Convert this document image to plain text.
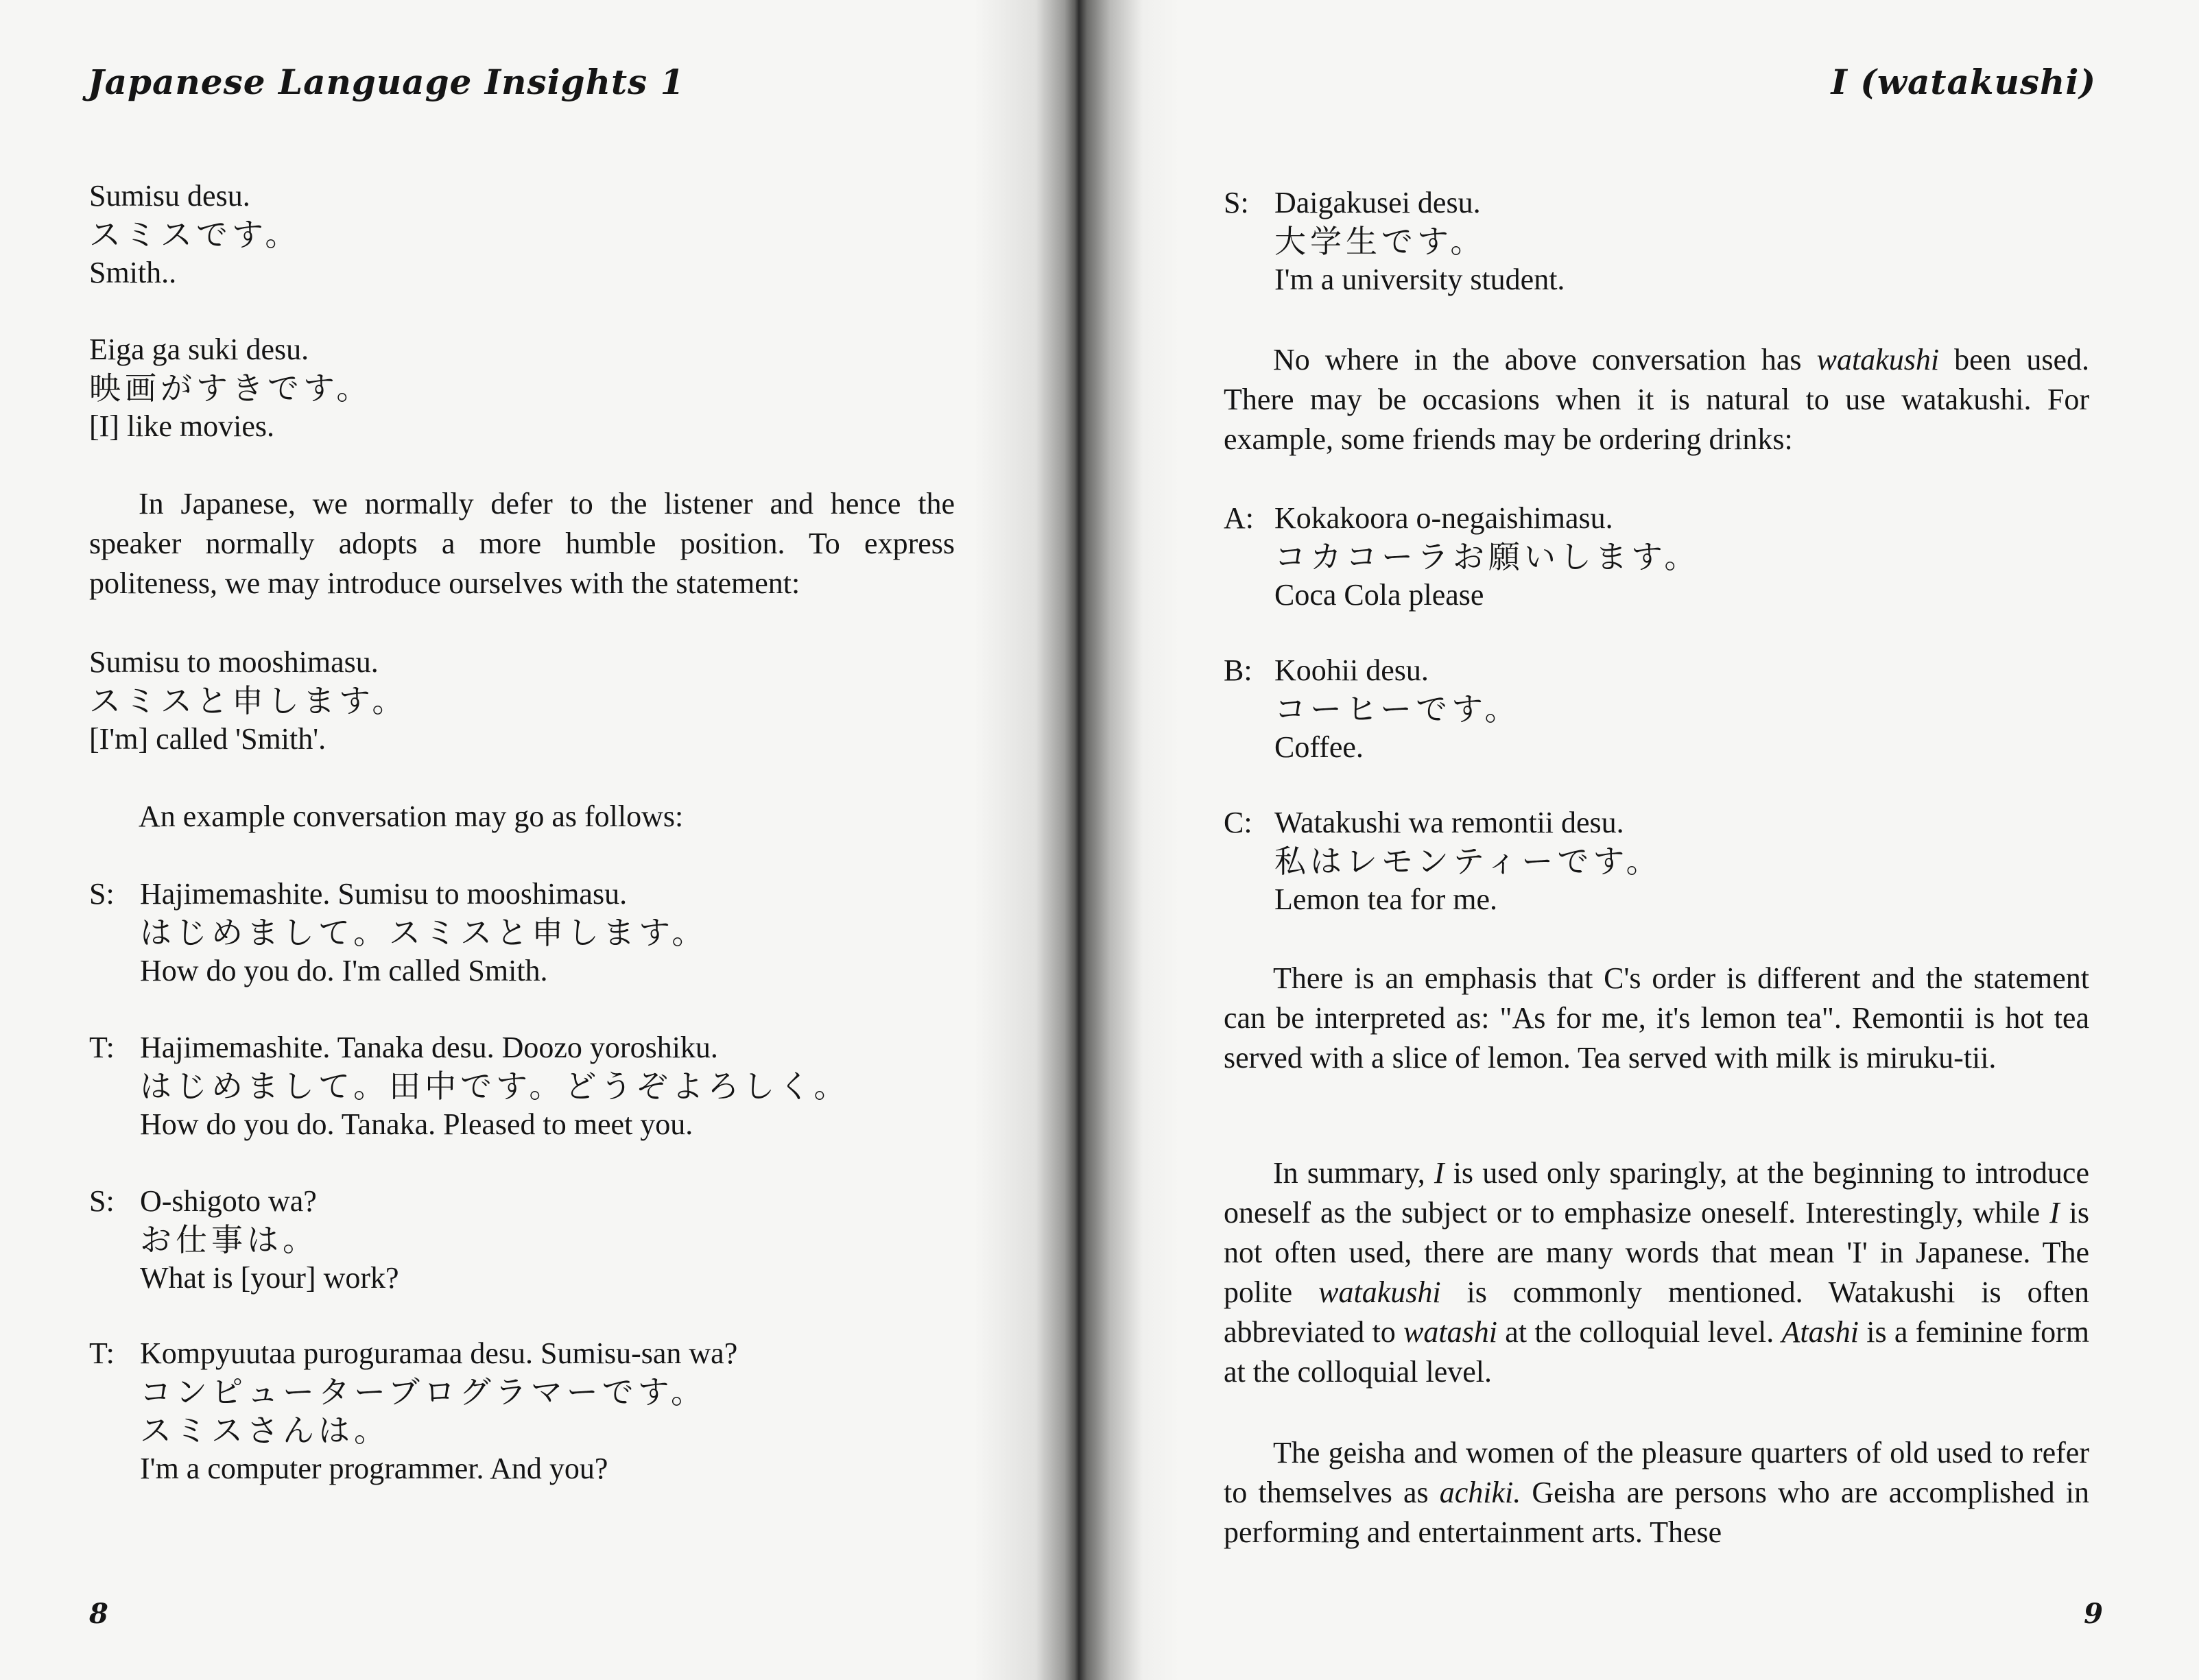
Japanese Language Insights 1
Sumisu desu.
スミスです。
Smith..
Eiga ga suki desu.
映画がすきです。
[I] like movies.
In Japanese, we normally defer to the listener and hence the speaker normally adopts a more humble position. To express politeness, we may introduce ourselves with the statement:
Sumisu to mooshimasu.
スミスと申します。
[I'm] called 'Smith'.
An example conversation may go as follows:
S: Hajimemashite. Sumisu to mooshimasu.
はじめまして。スミスと申します。
How do you do. I'm called Smith.
T: Hajimemashite. Tanaka desu. Doozo yoroshiku.
はじめまして。田中です。どうぞよろしく。
How do you do. Tanaka. Pleased to meet you.
S: O-shigoto wa?
お仕事は。
What is [your] work?
T: Kompyuutaa puroguramaa desu. Sumisu-san wa?
コンピューターブログラマーです。
スミスさんは。
I'm a computer programmer. And you?
8
I (watakushi)
S: Daigakusei desu.
大学生です。
I'm a university student.
No where in the above conversation has watakushi been used. There may be occasions when it is natural to use watakushi. For example, some friends may be ordering drinks:
A: Kokakoora o-negaishimasu.
コカコーラお願いします。
Coca Cola please
B: Koohii desu.
コーヒーです。
Coffee.
C: Watakushi wa remontii desu.
私はレモンティーです。
Lemon tea for me.
There is an emphasis that C's order is different and the statement can be interpreted as: "As for me, it's lemon tea". Remontii is hot tea served with a slice of lemon. Tea served with milk is miruku-tii.
In summary, I is used only sparingly, at the beginning to introduce oneself as the subject or to emphasize oneself. Interestingly, while I is not often used, there are many words that mean 'I' in Japanese. The polite watakushi is commonly mentioned. Watakushi is often abbreviated to watashi at the colloquial level. Atashi is a feminine form at the colloquial level.
The geisha and women of the pleasure quarters of old used to refer to themselves as achiki. Geisha are persons who are accomplished in performing and entertainment arts. These
9
